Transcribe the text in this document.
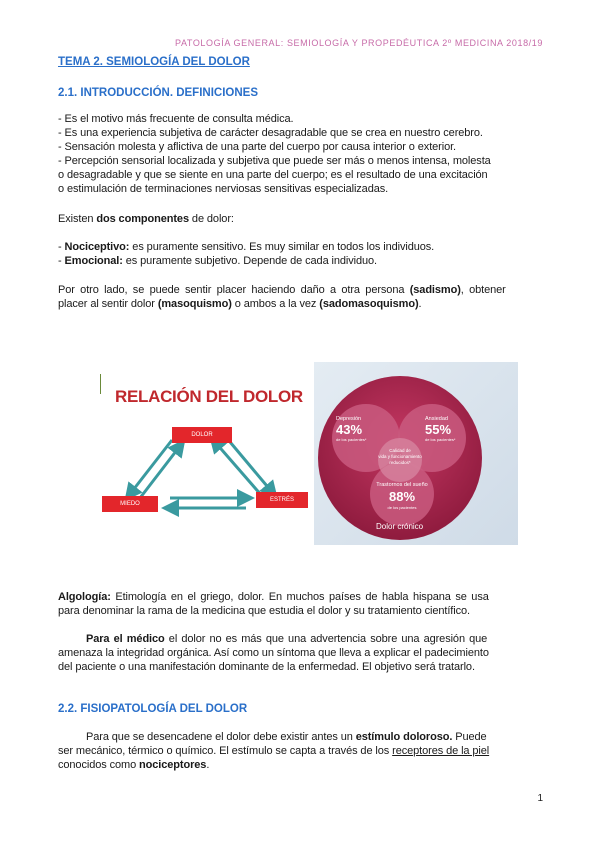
PATOLOGÍA GENERAL: SEMIOLOGÍA Y PROPEDÉUTICA 2º MEDICINA 2018/19
TEMA 2. SEMIOLOGÍA DEL DOLOR
2.1. INTRODUCCIÓN. DEFINICIONES
- Es el motivo más frecuente de consulta médica.
- Es una experiencia subjetiva de carácter desagradable que se crea en nuestro cerebro.
- Sensación molesta y aflictiva de una parte del cuerpo por causa interior o exterior.
- Percepción sensorial localizada y subjetiva que puede ser más o menos intensa, molesta
o desagradable y que se siente en una parte del cuerpo; es el resultado de una excitación
o estimulación de terminaciones nerviosas sensitivas especializadas.
Existen dos componentes de dolor:
- Nociceptivo: es puramente sensitivo. Es muy similar en todos los individuos.
- Emocional: es puramente subjetivo. Depende de cada individuo.
Por otro lado, se puede sentir placer haciendo daño a otra persona (sadismo), obtener
placer al sentir dolor (masoquismo) o ambos a la vez (sadomasoquismo).
RELACIÓN DEL DOLOR
DOLOR
MIEDO
ESTRÉS
Depresión
43%
de los pacientes*
Ansiedad
55%
de los pacientes*
Calidad de
vida y funcionamiento
reducidos*
Trastornos del sueño
88%
de los pacientes
Dolor crónico
Algología: Etimología en el griego, dolor. En muchos países de habla hispana se usa
para denominar la rama de la medicina que estudia el dolor y su tratamiento científico.
Para el médico el dolor no es más que una advertencia sobre una agresión que
amenaza la integridad orgánica. Así como un síntoma que lleva a explicar el padecimiento
del paciente o una manifestación dominante de la enfermedad. El objetivo será tratarlo.
2.2. FISIOPATOLOGÍA DEL DOLOR
Para que se desencadene el dolor debe existir antes un estímulo doloroso. Puede
ser mecánico, térmico o químico. El estímulo se capta a través de los receptores de la piel
conocidos como nociceptores.
1
